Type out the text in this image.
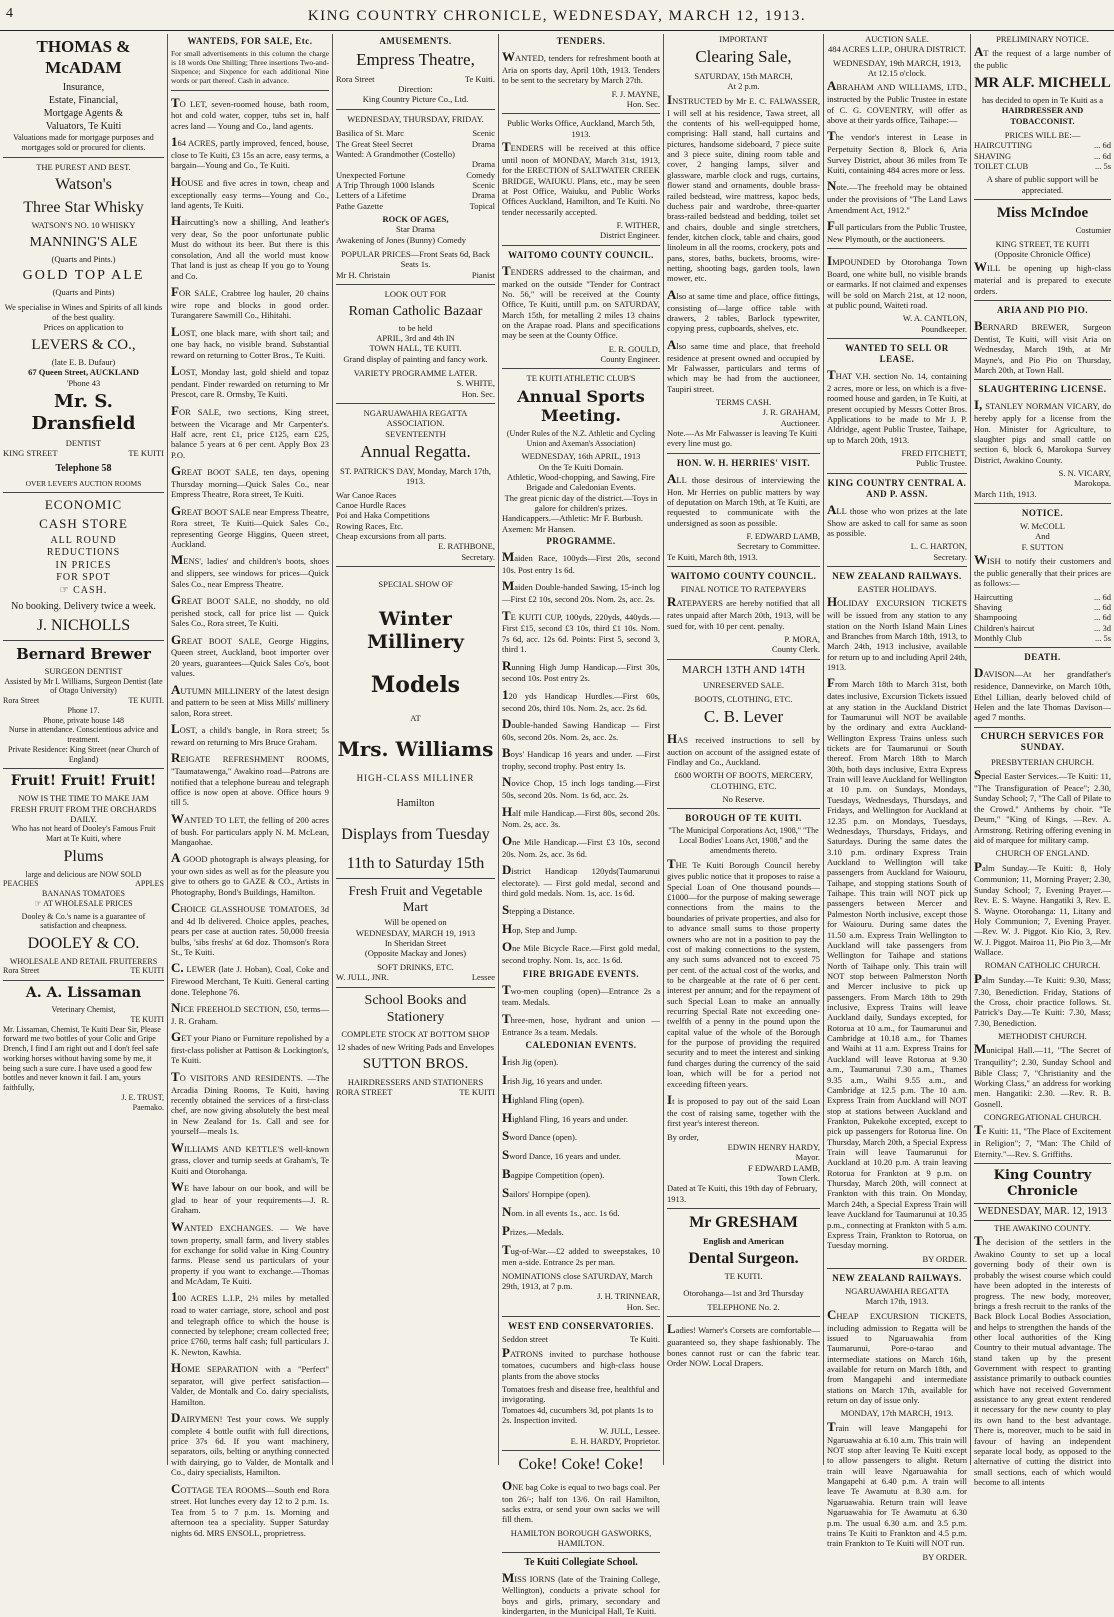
4	KING COUNTRY CHRONICLE, WEDNESDAY, MARCH 12, 1913.
THOMAS & McADAM
Insurance,
Estate, Financial,
Mortgage Agents &
Valuators, Te Kuiti
Valuations made for mortgage purposes and mortgages sold or procured for clients.
THE PUREST AND BEST.
Watson's
Three Star Whisky
WATSON'S NO. 10 WHISKY
MANNING'S ALE
(Quarts and Pints.)
GOLD TOP ALE
(Quarts and Pints)
We specialise in Wines and Spirits of all kinds of the best quality.
Prices on application to
LEVERS & CO.,
(late E. B. Dufaur)
67 Queen Street, AUCKLAND
'Phone 43
Mr. S. Dransfield
DENTIST
KING STREET	TE KUITI
Telephone 58
OVER LEVER'S AUCTION ROOMS
ECONOMIC
CASH STORE
ALL ROUND
REDUCTIONS
IN PRICES
FOR SPOT
☞ CASH.
No booking. Delivery twice a week.
J. NICHOLLS
Bernard Brewer
SURGEON DENTIST
Assisted by Mr I. Williams, Surgeon Dentist (late of Otago University)
Rora Street	TE KUITI.
Phone 17.
Phone, private house 148
Nurse in attendance. Conscientious advice and treatment.
Private Residence: King Street (near Church of England)
Fruit! Fruit! Fruit!
NOW IS THE TIME TO MAKE JAM
FRESH FRUIT FROM THE ORCHARDS DAILY.
Who has not heard of Dooley's Famous Fruit Mart at Te Kuiti, where
Plums
large and delicious are NOW SOLD
PEACHES	APPLES
BANANAS TOMATOES
☞ AT WHOLESALE PRICES
Dooley & Co.'s name is a guarantee of satisfaction and cheapness.
DOOLEY & CO.
WHOLESALE AND RETAIL FRUITERERS
Rora Street	TE KUITI
A. A. Lissaman
Veterinary Chemist,
TE KUITI
Mr. Lissaman, Chemist, Te Kuiti Dear Sir, Please forward me two bottles of your Colic and Gripe Drench, I find I am right out and I don't feel safe working horses without having some by me, it being such a sure cure. I have used a good few bottles and never known it fail. I am, yours faithfully,
J. E. TRUST,
Paemako.
WANTEDS, FOR SALE, Etc.
For small advertisements in this column the charge is 18 words One Shilling; Three insertions Two-and-Sixpence; and Sixpence for each additional Nine words or part thereof. Cash in advance.
TO LET, seven-roomed house, bath room, hot and cold water, copper, tubs set in, half acres land — Young and Co., land agents.
164 ACRES, partly improved, fenced, house, close to Te Kuiti, £3 15s an acre, easy terms, a bargain—Young and Co., Te Kuiti.
HOUSE and five acres in town, cheap and exceptionally easy terms—Young and Co., land agents, Te Kuiti.
Haircutting's now a shilling, And leather's very dear, So the poor unfortunate public Must do without its beer. But there is this consolation, And all the world must know That land is just as cheap If you go to Young and Co.
FOR SALE, Crabtree log hauler, 20 chains wire rope and blocks in good order. Turangarere Sawmill Co., Hihitahi.
LOST, one black mare, with short tail; and one bay hack, no visible brand. Substantial reward on returning to Cotter Bros., Te Kuiti.
LOST, Monday last, gold shield and topaz pendant. Finder rewarded on returning to Mr Prescot, care R. Ormsby, Te Kuiti.
FOR SALE, two sections, King street, between the Vicarage and Mr Carpenter's. Half acre, rent £1, price £125, earn £25, balance 5 years at 6 per cent. Apply Box 23 P.O.
GREAT BOOT SALE, ten days, opening Thursday morning—Quick Sales Co., near Empress Theatre, Rora street, Te Kuiti.
GREAT BOOT SALE near Empress Theatre, Rora street, Te Kuiti—Quick Sales Co., representing George Higgins, Queen street, Auckland.
MENS', ladies' and children's boots, shoes and slippers, see windows for prices—Quick Sales Co., near Empress Theatre.
GREAT BOOT SALE, no shoddy, no old perished stock, call for price list — Quick Sales Co., Rora street, Te Kuiti.
GREAT BOOT SALE, George Higgins, Queen street, Auckland, boot importer over 20 years, guarantees—Quick Sales Co's, boot values.
AUTUMN MILLINERY of the latest design and pattern to be seen at Miss Mills' millinery salon, Rora street.
LOST, a child's bangle, in Rora street; 5s reward on returning to Mrs Bruce Graham.
REIGATE REFRESHMENT ROOMS, "Taumatawenga," Awakino road—Patrons are notified that a telephone bureau and telegraph office is now open at above. Office hours 9 till 5.
WANTED TO LET, the felling of 200 acres of bush. For particulars apply N. M. McLean, Mangaohae.
A GOOD photograph is always pleasing, for your own sides as well as for the pleasure you give to others go to GAZE & CO., Artists in Photography, Bond's Buildings, Hamilton.
CHOICE GLASSHOUSE TOMATOES, 3d and 4d lb delivered. Choice apples, peaches, pears per case at auction rates. 50,000 freesia bulbs, 'sibs freshs' at 6d doz. Thomson's Rora St., Te Kuiti.
C. LEWER (late J. Hoban), Coal, Coke and Firewood Merchant, Te Kuiti. General carting done. Telephone 76.
NICE FREEHOLD SECTION, £50, terms—J. R. Graham.
GET your Piano or Furniture repolished by a first-class polisher at Pattison & Lockington's, Te Kuiti.
TO VISITORS AND RESIDENTS. —The Arcadia Dining Rooms, Te Kuiti, having recently obtained the services of a first-class chef, are now giving absolutely the best meal in New Zealand for 1s. Call and see for yourself—meals 1s.
WILLIAMS AND KETTLE'S well-known grass, clover and turnip seeds at Graham's, Te Kuiti and Otorohanga.
WE have labour on our book, and will be glad to hear of your requirements—J. R. Graham.
WANTED EXCHANGES. — We have town property, small farm, and livery stables for exchange for solid value in King Country farms. Please send us particulars of your property if you want to exchange.—Thomas and McAdam, Te Kuiti.
100 ACRES L.I.P., 2½ miles by metalled road to water carriage, store, school and post and telegraph office to which the house is connected by telephone; cream collected free; price £760, terms half cash; full particulars J. K. Newton, Kawhia.
HOME SEPARATION with a "Perfect" separator, will give perfect satisfaction—Valder, de Montalk and Co. dairy specialists, Hamilton.
DAIRYMEN! Test your cows. We supply complete 4 bottle outfit with full directions, price 37s 6d. If you want machinery, separators, oils, belting or anything connected with dairying, go to Valder, de Montalk and Co., dairy specialists, Hamilton.
COTTAGE TEA ROOMS—South end Rora street. Hot lunches every day 12 to 2 p.m. 1s. Tea from 5 to 7 p.m. 1s. Morning and afternoon tea a speciality. Supper Saturday nights 6d. MRS ENSOLL, proprietress.
AMUSEMENTS.
Empress Theatre,
Rora Street	Te Kuiti.
Direction:
King Country Picture Co., Ltd.
WEDNESDAY, THURSDAY, FRIDAY.
Basilica of St. Marc	Scenic
The Great Steel Secret	Drama
Wanted: A Grandmother (Costello)
Drama
Unexpected Fortune	Comedy
A Trip Through 1000 Islands	Scenic
Letters of a Lifetime	Drama
Pathe Gazette	Topical
ROCK OF AGES,
Star Drama
Awakening of Jones (Bunny) Comedy
POPULAR PRICES—Front Seats 6d, Back Seats 1s.
Mr H. Christain	Pianist
LOOK OUT FOR
Roman Catholic Bazaar
to be held
APRIL, 3rd and 4th IN
TOWN HALL, TE KUITI.
Grand display of painting and fancy work.
VARIETY PROGRAMME LATER.
S. WHITE,
Hon. Sec.
NGARUAWAHIA REGATTA ASSOCIATION.
SEVENTEENTH
Annual Regatta.
ST. PATRICK'S DAY, Monday, March 17th, 1913.
War Canoe Races
Canoe Hurdle Races
Poi and Haka Competitions
Rowing Races, Etc.
Cheap excursions from all parts.
E. RATHBONE,
Secretary.
SPECIAL SHOW OF
Winter Millinery
Models
AT
Mrs. Williams
HIGH-CLASS MILLINER
Hamilton
Displays from Tuesday
11th to Saturday 15th
Fresh Fruit and Vegetable Mart
Will be opened on
WEDNESDAY, MARCH 19, 1913
In Sheridan Street
(Opposite Mackay and Jones)
SOFT DRINKS, ETC.
W. JULL, JNR.	Lessee
School Books and Stationery
COMPLETE STOCK AT BOTTOM SHOP
12 shades of new Writing Pads and Envelopes
SUTTON BROS.
HAIRDRESSERS AND STATIONERS
RORA STREET	TE KUITI
TENDERS.
WANTED, tenders for refreshment booth at Aria on sports day, April 10th, 1913. Tenders to be sent to the secretary by March 27th.
F. J. MAYNE,
Hon. Sec.
Public Works Office, Auckland, March 5th, 1913.
TENDERS will be received at this office until noon of MONDAY, March 31st, 1913, for the ERECTION of SALTWATER CREEK BRIDGE, WAIUKU. Plans, etc., may be seen at Post Office, Waiuku, and Public Works Offices Auckland, Hamilton, and Te Kuiti. No tender necessarily accepted.
F. WITHER,
District Engineer.
WAITOMO COUNTY COUNCIL.
TENDERS addressed to the chairman, and marked on the outside "Tender for Contract No. 56," will be received at the County Office, Te Kuiti, untill p.m. on SATURDAY, March 15th, for metalling 2 miles 13 chains on the Arapae road. Plans and specifications may be seen at the County Office.
E. R. GOULD,
County Engineer.
TE KUITI ATHLETIC CLUB'S
Annual Sports Meeting.
(Under Rules of the N.Z. Athletic and Cycling Union and Axeman's Association)
WEDNESDAY, 16th APRIL, 1913
On the Te Kuiti Domain.
Athletic, Wood-chopping, and Sawing, Fire Brigade and Caledonian Events.
The great picnic day of the district.—Toys in galore for children's prizes.
Handicappers.—Athletic: Mr F. Burbush. Axemen: Mr Hansen.
PROGRAMME.
Maiden Race, 100yds—First 20s, second 10s. Post entry 1s 6d.
Maiden Double-handed Sawing, 15-inch log—First £2 10s, second 20s. Nom. 2s, acc. 2s.
TE KUITI CUP, 100yds, 220yds, 440yds.—First £15, second £3 10s, third £1 10s. Nom. 7s 6d, acc. 12s 6d. Points: First 5, second 3, third 1.
Running High Jump Handicap.—First 30s, second 10s. Post entry 2s.
120 yds Handicap Hurdles.—First 60s, second 20s, third 10s. Nom. 2s, acc. 2s 6d.
Double-handed Sawing Handicap — First 60s, second 20s. Nom. 2s, acc. 2s.
Boys' Handicap 16 years and under. —First trophy, second trophy. Post entry 1s.
Novice Chop, 15 inch logs tanding.—First 50s, second 20s. Nom. 1s 6d, acc. 2s.
Half mile Handicap.—First 80s, second 20s. Nom. 2s, acc. 3s.
One Mile Handicap.—First £3 10s, second 20s. Nom. 2s, acc. 3s 6d.
District Handicap 120yds(Taumarunui electorate). — First gold medal, second and third gold medals. Nom. 1s, acc. 1s 6d.
Stepping a Distance.
Hop, Step and Jump.
One Mile Bicycle Race.—First gold medal, second trophy. Nom. 1s, acc. 1s 6d.
FIRE BRIGADE EVENTS.
Two-men coupling (open)—Entrance 2s a team. Medals.
Three-men, hose, hydrant and union —Entrance 3s a team. Medals.
CALEDONIAN EVENTS.
Irish Jig (open).
Irish Jig, 16 years and under.
Highland Fling (open).
Highland Fling, 16 years and under.
Sword Dance (open).
Sword Dance, 16 years and under.
Bagpipe Competition (open).
Sailors' Hornpipe (open).
Nom. in all events 1s., acc. 1s 6d.
Prizes.—Medals.
Tug-of-War.—£2 added to sweepstakes, 10 men a-side. Entrance 2s per man.
NOMINATIONS close SATURDAY, March 29th, 1913, at 7 p.m.
J. H. TRINNEAR,
Hon. Sec.
WEST END CONSERVATORIES.
Seddon street	Te Kuiti.
PATRONS invited to purchase hothouse tomatoes, cucumbers and high-class house plants from the above stocks
Tomatoes fresh and disease free, healthful and invigorating.
Tomatoes 4d, cucumbers 3d, pot plants 1s to 2s. Inspection invited.
W. JULL, Lessee.
E. H. HARDY, Proprietor.
Coke! Coke! Coke!
ONE bag Coke is equal to two bags coal. Per ton 26/-; half ton 13/6. On rail Hamilton, sacks extra, or send your own sacks we will fill them.
HAMILTON BOROUGH GASWORKS, HAMILTON.
Te Kuiti Collegiate School.
MISS IORNS (late of the Training College, Wellington), conducts a private school for boys and girls, primary, secondary and kindergarten, in the Municipal Hall, Te Kuiti.
IMPORTANT
Clearing Sale,
SATURDAY, 15th MARCH,
At 2 p.m.
INSTRUCTED by Mr E. C. FALWASSER, I will sell at his residence, Tawa street, all the contents of his well-equipped home, comprising: Hall stand, hall curtains and pictures, handsome sideboard, 7 piece suite and 3 piece suite, dining room table and cover, 2 hanging lamps, silver and glassware, marble clock and rugs, curtains, flower stand and ornaments, double brass-railed bedstead, wire mattress, kapoc beds, duchess pair and wardrobe, three-quarter brass-railed bedstead and bedding, toilet set and chairs, double and single stretchers, fender, kitchen clock, table and chairs, good linoleum in all the rooms, crockery, pots and pans, stores, baths, buckets, brooms, wire-netting, shooting bags, garden tools, lawn mower, etc.
Also at same time and place, office fittings, consisting of—large office table with drawers, 2 tables, Barlock typewriter, copying press, cupboards, shelves, etc.
Also same time and place, that freehold residence at present owned and occupied by Mr Falwasser, particulars and terms of which may be had from the auctioneer, Taupiri street.
TERMS CASH.
J. R. GRAHAM,
Auctioneer.
Note.—As Mr Falwasser is leaving Te Kuiti every line must go.
HON. W. H. HERRIES' VISIT.
ALL those desirous of interviewing the Hon. Mr Herries on public matters by way of deputation on March 19th, at Te Kuiti, are requested to communicate with the undersigned as soon as possible.
F. EDWARD LAMB,
Secretary to Committee.
Te Kuiti, March 8th, 1913.
WAITOMO COUNTY COUNCIL.
FINAL NOTICE TO RATEPAYERS
RATEPAYERS are hereby notified that all rates unpaid after March 20th, 1913, will be sued for, with 10 per cent. penalty.
P. MORA,
County Clerk.
MARCH 13TH AND 14TH
UNRESERVED SALE.
BOOTS, CLOTHING, ETC.
C. B. Lever
HAS received instructions to sell by auction on account of the assigned estate of Findlay and Co., Auckland.
£600 WORTH OF BOOTS, MERCERY, CLOTHING, ETC.
No Reserve.
BOROUGH OF TE KUITI.
"The Municipal Corporations Act, 1908," "The Local Bodies' Loans Act, 1908," and the amendments thereto.
THE Te Kuiti Borough Council hereby gives public notice that it proposes to raise a Special Loan of One thousand pounds—£1000—for the purpose of making sewerage connections from the mains to the boundaries of private properties, and also for to advance small sums to those property owners who are not in a position to pay the cost of making connections to the system, any such sums advanced not to exceed 75 per cent. of the actual cost of the works, and to be chargeable at the rate of 6 per cent. interest per annum; and for the repayment of such Special Loan to make an annually recurring Special Rate not exceeding one-twelfth of a penny in the pound upon the capital value of the whole of the Borough for the purpose of providing the required security and to meet the interest and sinking fund charges during the currency of the said loan, which will be for a period not exceeding fifteen years.
It is proposed to pay out of the said Loan the cost of raising same, together with the first year's interest thereon.
By order,
EDWIN HENRY HARDY,
Mayor.
F EDWARD LAMB,
Town Clerk.
Dated at Te Kuiti, this 19th day of February, 1913.
Mr GRESHAM
English and American
Dental Surgeon.
TE KUITI.
Otorohanga—1st and 3rd Thursday
TELEPHONE No. 2.
Ladies! Warner's Corsets are comfortable—guaranteed so, they shape fashionably. The bones cannot rust or can the fabric tear. Order NOW. Local Drapers.
AUCTION SALE.
484 ACRES L.I.P., OHURA DISTRICT.
WEDNESDAY, 19th MARCH, 1913,
At 12.15 o'clock.
ABRAHAM AND WILLIAMS, LTD., instructed by the Public Trustee in estate of C. G. COVENTRY, will offer as above at their yards office, Taihape:—
The vendor's interest in Lease in Perpetuity Section 8, Block 6, Aria Survey District, about 36 miles from Te Kuiti, containing 484 acres more or less.
Note.—The freehold may be obtained under the provisions of "The Land Laws Amendment Act, 1912."
Full particulars from the Public Trustee, New Plymouth, or the auctioneers.
IMPOUNDED by Otorohanga Town Board, one white bull, no visible brands or earmarks. If not claimed and expenses will be sold on March 21st, at 12 noon, at public pound, Waiteti road.
W. A. CANTLON,
Poundkeeper.
WANTED TO SELL OR LEASE.
THAT V.H. section No. 14, containing 2 acres, more or less, on which is a five-roomed house and garden, in Te Kuiti, at present occupied by Messrs Cotter Bros. Applications to be made to Mr J. P. Aldridge, agent Public Trustee, Taihape, up to March 20th, 1913.
FRED FITCHETT,
Public Trustee.
KING COUNTRY CENTRAL A. AND P. ASSN.
ALL those who won prizes at the late Show are asked to call for same as soon as possible.
L. C. HARTON,
Secretary.
NEW ZEALAND RAILWAYS.
EASTER HOLIDAYS.
HOLIDAY EXCURSION TICKETS will be issued from any station to any station on the North Island Main Lines and Branches from March 18th, 1913, to March 24th, 1913 inclusive, available for return up to and including April 24th, 1913.
From March 18th to March 31st, both dates inclusive, Excursion Tickets issued at any station in the Auckland District for Taumarunui will NOT be available by the ordinary and extra Auckland-Wellington Express Trains unless such tickets are for Taumarunui or South thereof. From March 18th to March 30th, both days inclusive, Extra Express Train will leave Auckland for Wellington at 10 p.m. on Sundays, Mondays, Tuesdays, Wednesdays, Thursdays, and Fridays, and Wellington for Auckland at 12.35 p.m. on Mondays, Tuesdays, Wednesdays, Thursdays, Fridays, and Saturdays. During the same dates the 3.10 p.m. ordinary Express Train Auckland to Wellington will take passengers from Auckland for Waiouru, Taihape, and stopping stations South of Taihape. This train will NOT pick up passengers between Mercer and Palmeston North inclusive, except those for Waiouru. During same dates the 11.50 a.m. Express Train Wellington to Auckland will take passengers from Wellington for Taihape and stations North of Taihape only. This train will NOT stop between Palmerston North and Mercer inclusive to pick up passengers. From March 18th to 29th inclusive, Express Trains will leave Auckland daily, Sundays excepted, for Rotorua at 10 a.m., for Taumarunui and Cambridge at 10.18 a.m., for Thames and Waihi at 11 a.m. Express Trains for Auckland will leave Rotorua at 9.30 a.m., Taumarunui 7.30 a.m., Thames 9.35 a.m., Waihi 9.55 a.m., and Cambridge at 12.5 p.m. The 10 a.m. Express Train from Auckland will NOT stop at stations between Auckland and Frankton, Pukekohe excepted, except to pick up passengers for Rotorua line. On Thursday, March 20th, a Special Express Train will leave Taumarunui for Auckland at 10.20 p.m. A train leaving Rotorua for Frankton at 9 p.m. on Thursday, March 20th, will connect at Frankton with this train. On Monday, March 24th, a Special Express Train will leave Auckland for Taumarunui at 10.35 p.m., connecting at Frankton with 5 a.m. Express Train, Frankton to Rotorua, on Tuesday morning.
BY ORDER.
NEW ZEALAND RAILWAYS.
NGARUAWAHIA REGATTA
March 17th, 1913.
CHEAP EXCURSION TICKETS, including admission to Regatta will be issued to Ngaruawahia from Taumarunui, Pore-o-tarao and intermediate stations on March 16th, available for return on March 18th, and from Mangapehi and intermediate stations on March 17th, available for return on day of issue only.
MONDAY, 17th MARCH, 1913.
Train will leave Mangapehi for Ngaruawahia at 6.10 a.m. This train will NOT stop after leaving Te Kuiti except to allow passengers to alight. Return train will leave Ngaruawahia for Mangapehi at 6.40 p.m. A train will leave Te Awamutu at 8.30 a.m. for Ngaruawahia. Return train will leave Ngaruawahia for Te Awamutu at 6.30 p.m. The usual 6.30 a.m. and 3.5 p.m. trains Te Kuiti to Frankton and 4.5 p.m. train Frankton to Te Kuiti will NOT run.
BY ORDER.
PRELIMINARY NOTICE.
AT the request of a large number of the public
MR ALF. MICHELL
has decided to open in Te Kuiti as a
HAIRDRESSER AND TOBACCONIST.
PRICES WILL BE:—
HAIRCUTTING	... 6d
SHAVING	... 6d
TOILET CLUB	... 5s
A share of public support will be appreciated.
Miss McIndoe
Costumier
KING STREET, TE KUITI
(Opposite Chronicle Office)
WILL be opening up high-class material and is prepared to execute orders.
ARIA AND PIO PIO.
BERNARD BREWER, Surgeon Dentist, Te Kuiti, will visit Aria on Wednesday, March 19th, at Mr Mayne's, and Pio Pio on Thursday, March 20th, at Town Hall.
SLAUGHTERING LICENSE.
I, STANLEY NORMAN VICARY, do hereby apply for a license from the Hon. Minister for Agriculture, to slaughter pigs and small cattle on section 6, block 6, Marokopa Survey District, Awakino County.
S. N. VICARY,
Marokopa.
March 11th, 1913.
NOTICE.
W. McCOLL
And
F. SUTTON
WISH to notify their customers and the public generally that their prices are as follows:—
Haircutting	... 6d
Shaving	... 6d
Shampooing	... 6d
Children's haircut	... 3d
Monthly Club	... 5s
DEATH.
DAVISON—At her grandfather's residence, Dannevirke, on March 10th, Ethel Lillian, dearly beloved child of Helen and the late Thomas Davison—aged 7 months.
CHURCH SERVICES FOR SUNDAY.
PRESBYTERIAN CHURCH.
Special Easter Services.—Te Kuiti: 11, "The Transfiguration of Peace"; 2.30, Sunday School; 7, "The Call of Pilate to the Crowd." Anthems by choir. "Te Deum," "King of Kings, —Rev. A. Armstrong. Retiring offering evening in aid of marquee for military camp.
CHURCH OF ENGLAND.
Palm Sunday.—Te Kuiti: 8, Holy Communion; 11, Morning Prayer; 2.30, Sunday School; 7, Evening Prayer.—Rev. E. S. Wayne. Hangatiki 3, Rev. E. S. Wayne. Otorohanga: 11, Litany and Holy Communion; 7, Evening Prayer.—Rev. W. J. Piggot. Kio Kio, 3, Rev. W. J. Piggot. Mairoa 11, Pio Pio 3,—Mr Wallace.
ROMAN CATHOLIC CHURCH.
Palm Sunday.—Te Kuiti: 9.30, Mass; 7.30, Benediction. Friday, Stations of the Cross, choir practice follows. St. Patrick's Day.—Te Kuiti: 7.30, Mass; 7.30, Benediction.
METHODIST CHURCH.
Municipal Hall.—11, "The Secret of Tranquility"; 2.30, Sunday School and Bible Class; 7, "Christianity and the Working Class," an address for working men. Hangatiki: 2.30. —Rev. R. B. Gosnell.
CONGREGATIONAL CHURCH.
Te Kuiti: 11, "The Place of Excitement in Religion"; 7, "Man: The Child of Eternity."—Rev. S. Griffiths.
King Country Chronicle
WEDNESDAY, MAR. 12, 1913
THE AWAKINO COUNTY.
The decision of the settlers in the Awakino County to set up a local governing body of their own is probably the wisest course which could have been adopted in the interests of progress. The new body, moreover, brings a fresh recruit to the ranks of the Back Block Local Bodies Association, and helps to strengthen the hands of the other local authorities of the King Country to their mutual advantage. The stand taken up by the present Government with respect to granting assistance primarily to outback counties which have not received Government assistance to any great extent rendered it necessary for the new county to play its own hand to the best advantage. There is, moreover, much to be said in favour of having an independent separate local body, as opposed to the alternative of cutting the district into small sections, each of which would become to all intents
